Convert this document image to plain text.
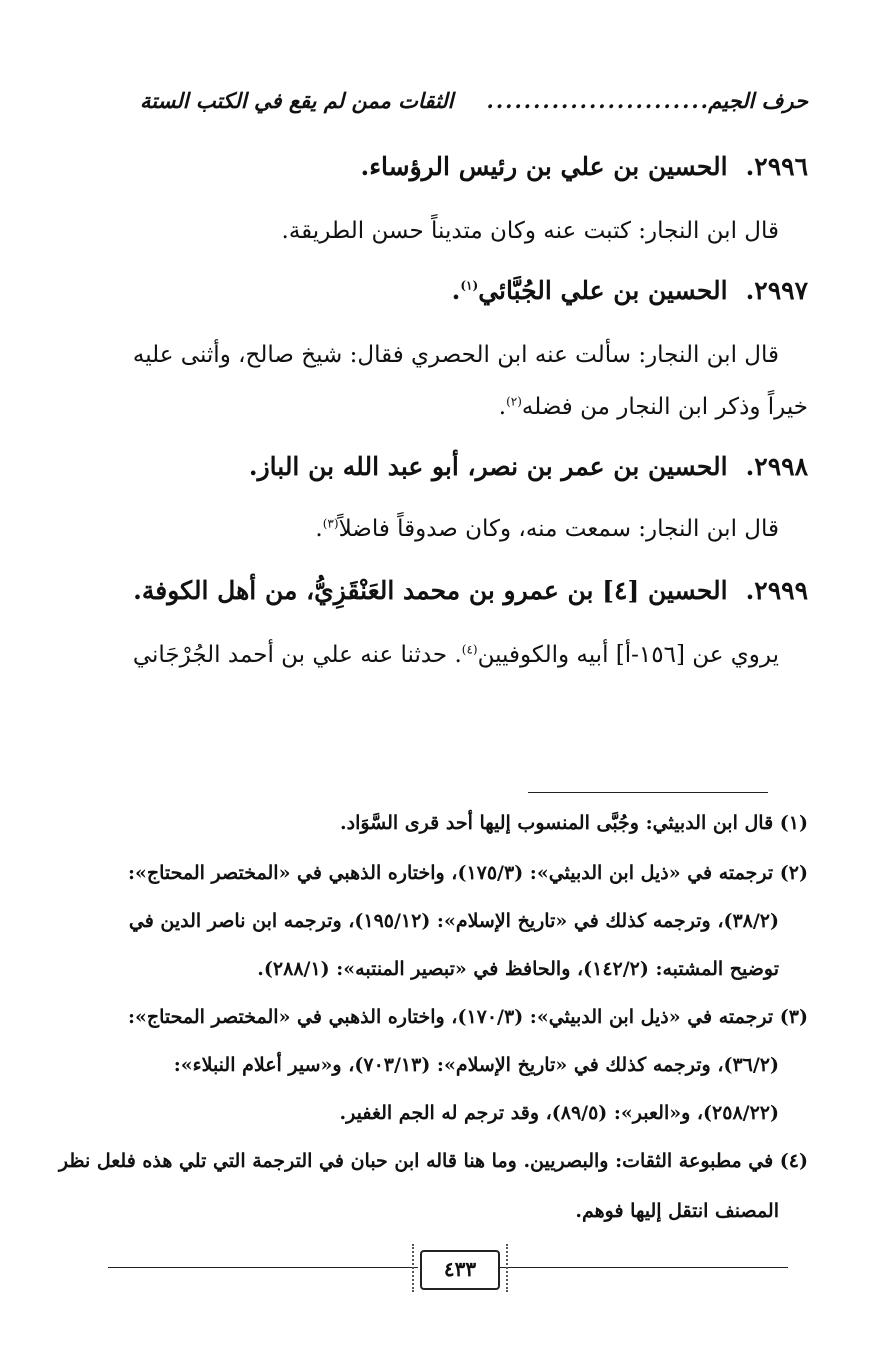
حرف الجيم
........................
الثقات ممن لم يقع في الكتب الستة
٢٩٩٦.الحسين بن علي بن رئيس الرؤساء.
قال ابن النجار: كتبت عنه وكان متديناً حسن الطريقة.
٢٩٩٧.الحسين بن علي الجُبَّائي$^{(١)}$.
قال ابن النجار: سألت عنه ابن الحصري فقال: شيخ صالح، وأثنى عليه
خيراً وذكر ابن النجار من فضله$^{(٢)}$.
٢٩٩٨.الحسين بن عمر بن نصر، أبو عبد الله بن الباز.
قال ابن النجار: سمعت منه، وكان صدوقاً فاضلاً$^{(٣)}$.
٢٩٩٩.الحسين [٤] بن عمرو بن محمد العَنْقَزِيُّ، من أهل الكوفة.
يروي عن [١٥٦-أ] أبيه والكوفيين$^{(٤)}$. حدثنا عنه علي بن أحمد الجُرْجَاني
(١) قال ابن الدبيثي: وجُبَّى المنسوب إليها أحد قرى السَّوَاد.
(٢) ترجمته في «ذيل ابن الدبيثي»: (١٧٥/٣)، واختاره الذهبي في «المختصر المحتاج»:
(٣٨/٢)، وترجمه كذلك في «تاريخ الإسلام»: (١٩٥/١٢)، وترجمه ابن ناصر الدين في
توضيح المشتبه: (١٤٢/٢)، والحافظ في «تبصير المنتبه»: (٢٨٨/١).
(٣) ترجمته في «ذيل ابن الدبيثي»: (١٧٠/٣)، واختاره الذهبي في «المختصر المحتاج»:
(٣٦/٢)، وترجمه كذلك في «تاريخ الإسلام»: (٧٠٣/١٣)، و«سير أعلام النبلاء»:
(٢٥٨/٢٢)، و«العبر»: (٨٩/٥)، وقد ترجم له الجم الغفير.
(٤) في مطبوعة الثقات: والبصريين. وما هنا قاله ابن حبان في الترجمة التي تلي هذه فلعل نظر
المصنف انتقل إليها فوهم.
٤٣٣
